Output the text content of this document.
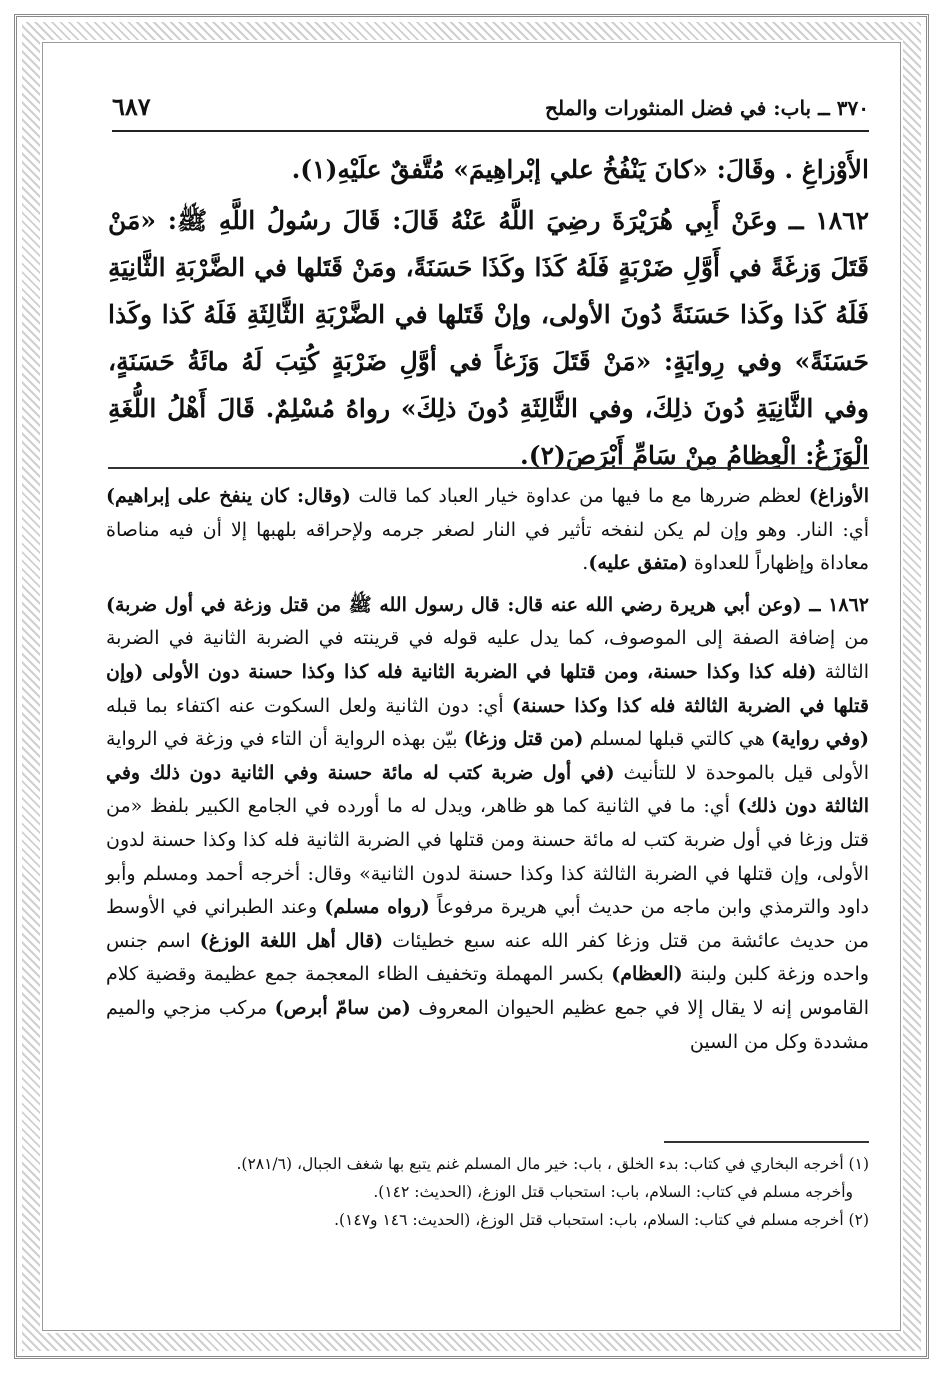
٣٧٠ ــ باب: في فضل المنثورات والملح
٦٨٧

الأَوْزاغِ . وقَالَ: «كانَ يَنْفُخُ علي إبْراهِيمَ» مُتَّفقٌ علَيْهِ(١).

١٨٦٢ ــ وعَنْ أَبِي هُرَيْرَةَ رضِيَ اللَّهُ عَنْهُ قَالَ: قَالَ رسُولُ اللَّهِ ﷺ: «مَنْ قَتَلَ وَزغَةً في أَوَّلِ ضَرْبَةٍ فَلَهُ كَذَا وكَذَا حَسَنَةً، ومَنْ قَتَلها في الضَّرْبَةِ الثَّانِيَةِ فَلَهُ كَذا وكَذا حَسَنَةً دُونَ الأولى، وإنْ قَتَلها في الضَّرْبَةِ الثَّالِثَةِ فَلَهُ كَذا وكَذا حَسَنَةً» وفي رِوايَةٍ: «مَنْ قَتَلَ وَزَغاً في أوَّلِ ضَرْبَةٍ كُتِبَ لَهُ مائَةُ حَسَنَةٍ، وفي الثَّانِيَةِ دُونَ ذلِكَ، وفي الثَّالِثَةِ دُونَ ذلِكَ» رواهُ مُسْلِمٌ. قَالَ أَهْلُ اللُّغَةِ الْوَزَغُ: الْعِظامُ مِنْ سَامِّ أَبْرَصَ(٢).

الأوزاغ) لعظم ضررها مع ما فيها من عداوة خيار العباد كما قالت (وقال: كان ينفخ على إبراهيم) أي: النار. وهو وإن لم يكن لنفخه تأثير في النار لصغر جرمه ولإحراقه بلهبها إلا أن فيه مناصاة معاداة وإظهاراً للعداوة (متفق عليه).

١٨٦٢ ــ (وعن أبي هريرة رضي الله عنه قال: قال رسول الله ﷺ من قتل وزغة في أول ضربة) من إضافة الصفة إلى الموصوف، كما يدل عليه قوله في قرينته في الضربة الثانية في الضربة الثالثة (فله كذا وكذا حسنة، ومن قتلها في الضربة الثانية فله كذا وكذا حسنة دون الأولى (وإن قتلها في الضربة الثالثة فله كذا وكذا حسنة) أي: دون الثانية ولعل السكوت عنه اكتفاء بما قبله (وفي رواية) هي كالتي قبلها لمسلم (من قتل وزغا) بيّن بهذه الرواية أن التاء في وزغة في الرواية الأولى قيل بالموحدة لا للتأنيث (في أول ضربة كتب له مائة حسنة وفي الثانية دون ذلك وفي الثالثة دون ذلك) أي: ما في الثانية كما هو ظاهر، ويدل له ما أورده في الجامع الكبير بلفظ «من قتل وزغا في أول ضربة كتب له مائة حسنة ومن قتلها في الضربة الثانية فله كذا وكذا حسنة لدون الأولى، وإن قتلها في الضربة الثالثة كذا وكذا حسنة لدون الثانية» وقال: أخرجه أحمد ومسلم وأبو داود والترمذي وابن ماجه من حديث أبي هريرة مرفوعاً (رواه مسلم) وعند الطبراني في الأوسط من حديث عائشة من قتل وزغا كفر الله عنه سبع خطيئات (قال أهل اللغة الوزغ) اسم جنس واحده وزغة كلبن ولبنة (العظام) بكسر المهملة وتخفيف الظاء المعجمة جمع عظيمة وقضية كلام القاموس إنه لا يقال إلا في جمع عظيم الحيوان المعروف (من سامّ أبرص) مركب مزجي والميم مشددة وكل من السين

(١) أخرجه البخاري في كتاب: بدء الخلق ، باب: خير مال المسلم غنم يتبع بها شغف الجبال، (٢٨١/٦).

وأخرجه مسلم في كتاب: السلام، باب: استحباب قتل الوزغ، (الحديث: ١٤٢).

(٢) أخرجه مسلم في كتاب: السلام، باب: استحباب قتل الوزغ، (الحديث: ١٤٦ و١٤٧).
